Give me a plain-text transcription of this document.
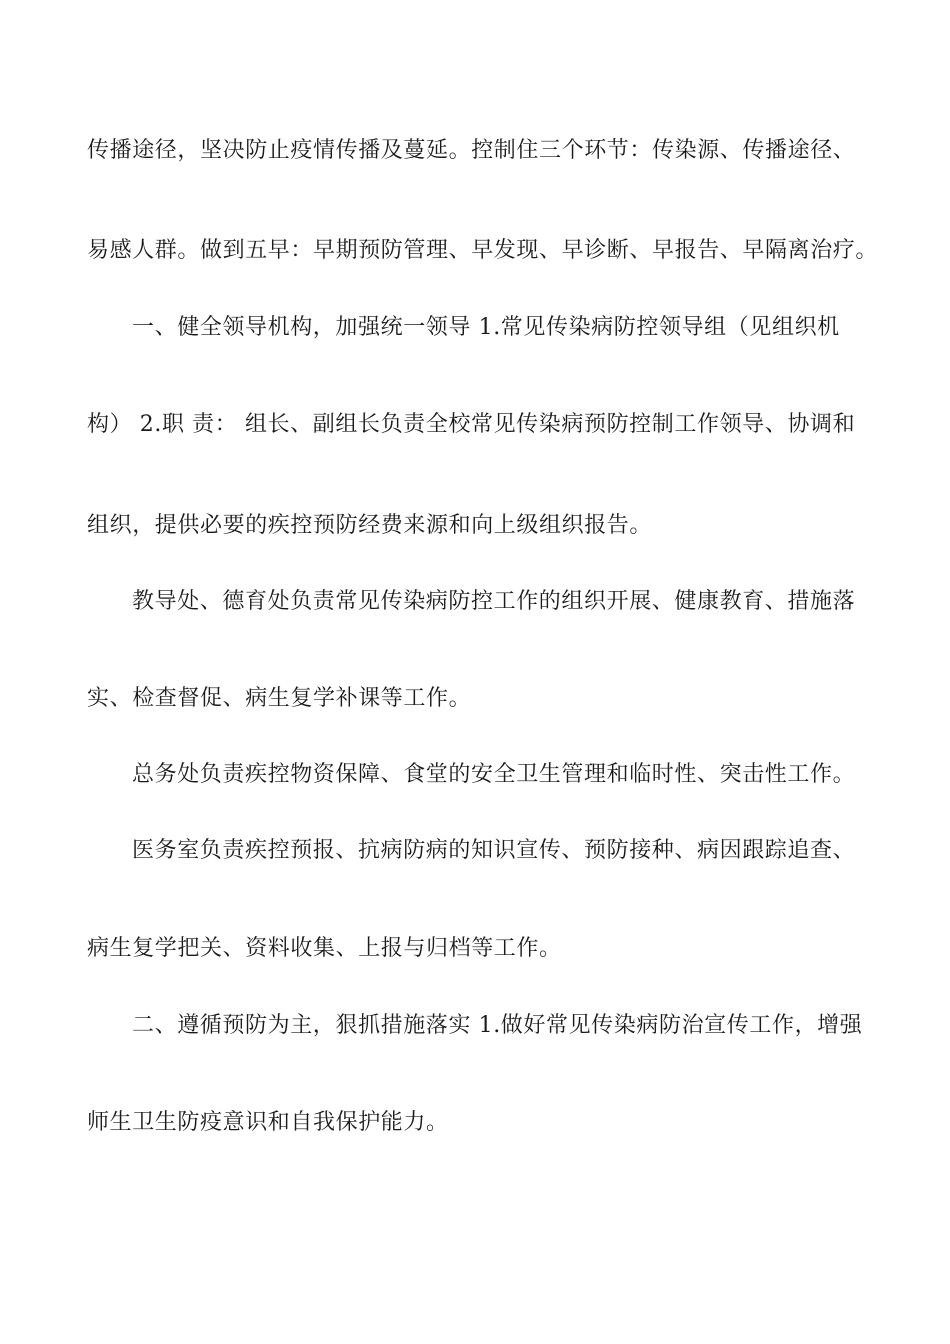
传播途径，坚决防止疫情传播及蔓延。控制住三个环节：传染源、传播途径、
易感人群。做到五早：早期预防管理、早发现、早诊断、早报告、早隔离治疗。
一、健全领导机构，加强统一领导 1.常见传染病防控领导组（见组织机
构） 2.职 责： 组长、副组长负责全校常见传染病预防控制工作领导、协调和
组织，提供必要的疾控预防经费来源和向上级组织报告。
教导处、德育处负责常见传染病防控工作的组织开展、健康教育、措施落
实、检查督促、病生复学补课等工作。
总务处负责疾控物资保障、食堂的安全卫生管理和临时性、突击性工作。
医务室负责疾控预报、抗病防病的知识宣传、预防接种、病因跟踪追查、
病生复学把关、资料收集、上报与归档等工作。
二、遵循预防为主，狠抓措施落实 1.做好常见传染病防治宣传工作，增强
师生卫生防疫意识和自我保护能力。
